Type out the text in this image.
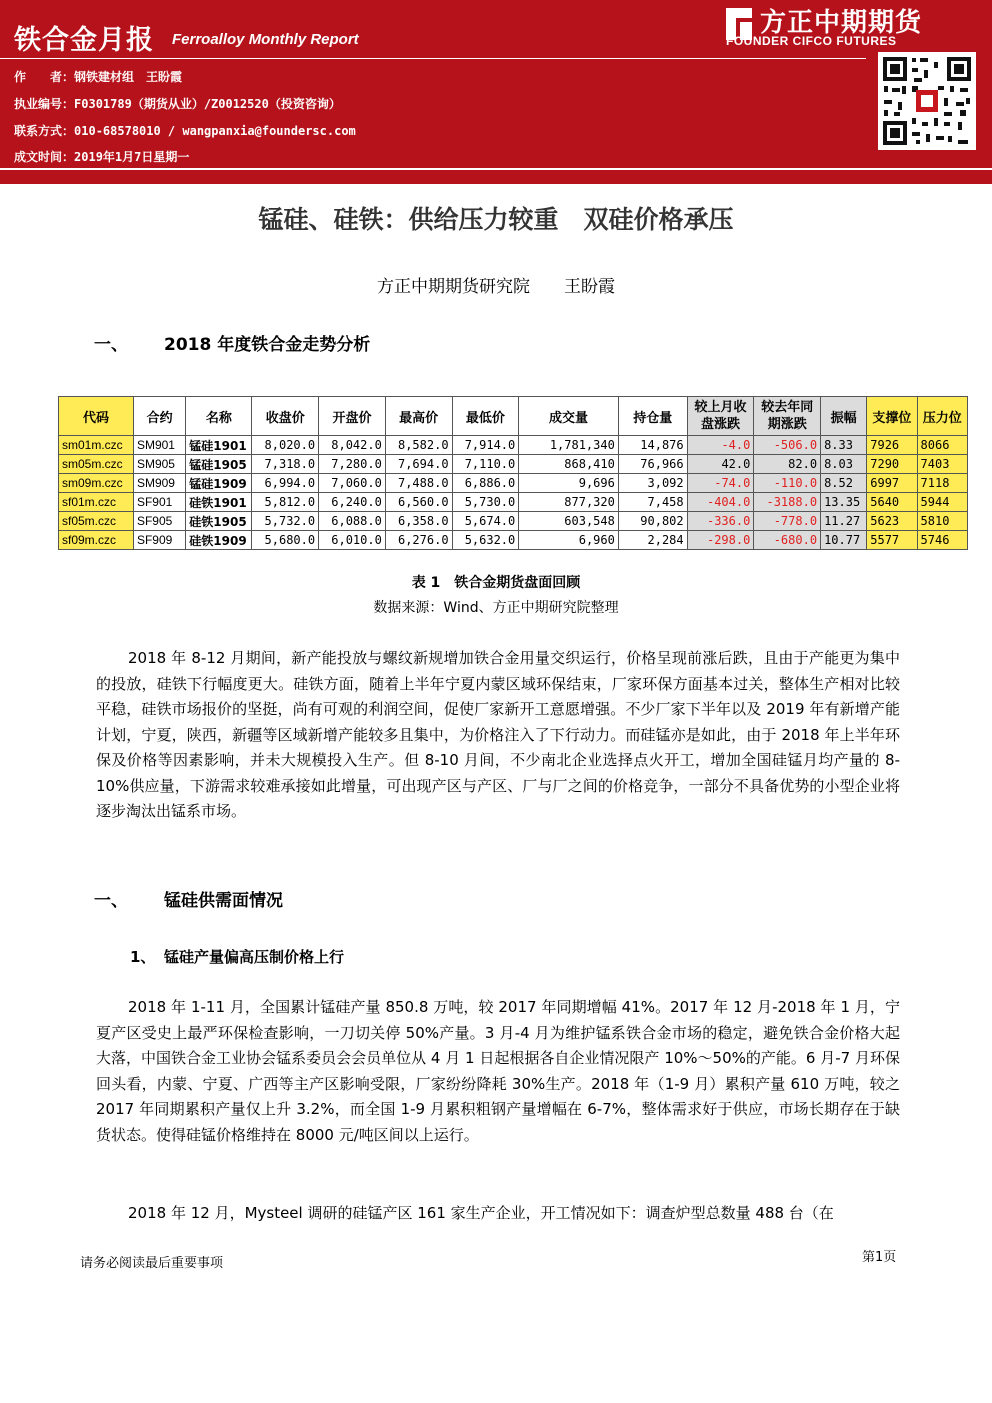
铁合金月报 Ferroalloy Monthly Report
作　　者：钢铁建材组　王盼霞
执业编号：F0301789（期货从业）/Z0012520（投资咨询）
联系方式：010-68578010 / wangpanxia@foundersc.com
成文时间：2019年1月7日星期一
方正中期期货
FOUNDER CIFCO FUTURES
锰硅、硅铁：供给压力较重　双硅价格承压
方正中期期货研究院　　王盼霞
一、 2018 年度铁合金走势分析
代码	合约	名称	收盘价	开盘价	最高价	最低价	成交量	持仓量	较上月收盘涨跌	较去年同期涨跌	振幅	支撑位	压力位
sm01m.czc	SM901	锰硅1901	8,020.0	8,042.0	8,582.0	7,914.0	1,781,340	14,876	-4.0	-506.0	8.33	7926	8066
sm05m.czc	SM905	锰硅1905	7,318.0	7,280.0	7,694.0	7,110.0	868,410	76,966	42.0	82.0	8.03	7290	7403
sm09m.czc	SM909	锰硅1909	6,994.0	7,060.0	7,488.0	6,886.0	9,696	3,092	-74.0	-110.0	8.52	6997	7118
sf01m.czc	SF901	硅铁1901	5,812.0	6,240.0	6,560.0	5,730.0	877,320	7,458	-404.0	-3188.0	13.35	5640	5944
sf05m.czc	SF905	硅铁1905	5,732.0	6,088.0	6,358.0	5,674.0	603,548	90,802	-336.0	-778.0	11.27	5623	5810
sf09m.czc	SF909	硅铁1909	5,680.0	6,010.0	6,276.0	5,632.0	6,960	2,284	-298.0	-680.0	10.77	5577	5746
表 1　铁合金期货盘面回顾
数据来源：Wind、方正中期研究院整理
2018 年 8-12 月期间，新产能投放与螺纹新规增加铁合金用量交织运行，价格呈现前涨后跌，且由于产能更为集中的投放，硅铁下行幅度更大。硅铁方面，随着上半年宁夏内蒙区域环保结束，厂家环保方面基本过关，整体生产相对比较平稳，硅铁市场报价的坚挺，尚有可观的利润空间，促使厂家新开工意愿增强。不少厂家下半年以及 2019 年有新增产能计划，宁夏，陕西，新疆等区域新增产能较多且集中，为价格注入了下行动力。而硅锰亦是如此，由于 2018 年上半年环保及价格等因素影响，并未大规模投入生产。但 8-10 月间，不少南北企业选择点火开工，增加全国硅锰月均产量的 8-10%供应量，下游需求较难承接如此增量，可出现产区与产区、厂与厂之间的价格竞争，一部分不具备优势的小型企业将逐步淘汰出锰系市场。
一、 锰硅供需面情况
1、 锰硅产量偏高压制价格上行
2018 年 1-11 月，全国累计锰硅产量 850.8 万吨，较 2017 年同期增幅 41%。2017 年 12 月-2018 年 1 月，宁夏产区受史上最严环保检查影响，一刀切关停 50%产量。3 月-4 月为维护锰系铁合金市场的稳定，避免铁合金价格大起大落，中国铁合金工业协会锰系委员会会员单位从 4 月 1 日起根据各自企业情况限产 10%～50%的产能。6 月-7 月环保回头看，内蒙、宁夏、广西等主产区影响受限，厂家纷纷降耗 30%生产。2018 年（1-9 月）累积产量 610 万吨，较之 2017 年同期累积产量仅上升 3.2%，而全国 1-9 月累积粗钢产量增幅在 6-7%，整体需求好于供应，市场长期存在于缺货状态。使得硅锰价格维持在 8000 元/吨区间以上运行。
2018 年 12 月，Mysteel 调研的硅锰产区 161 家生产企业，开工情况如下：调查炉型总数量 488 台（在
请务必阅读最后重要事项	第1页
